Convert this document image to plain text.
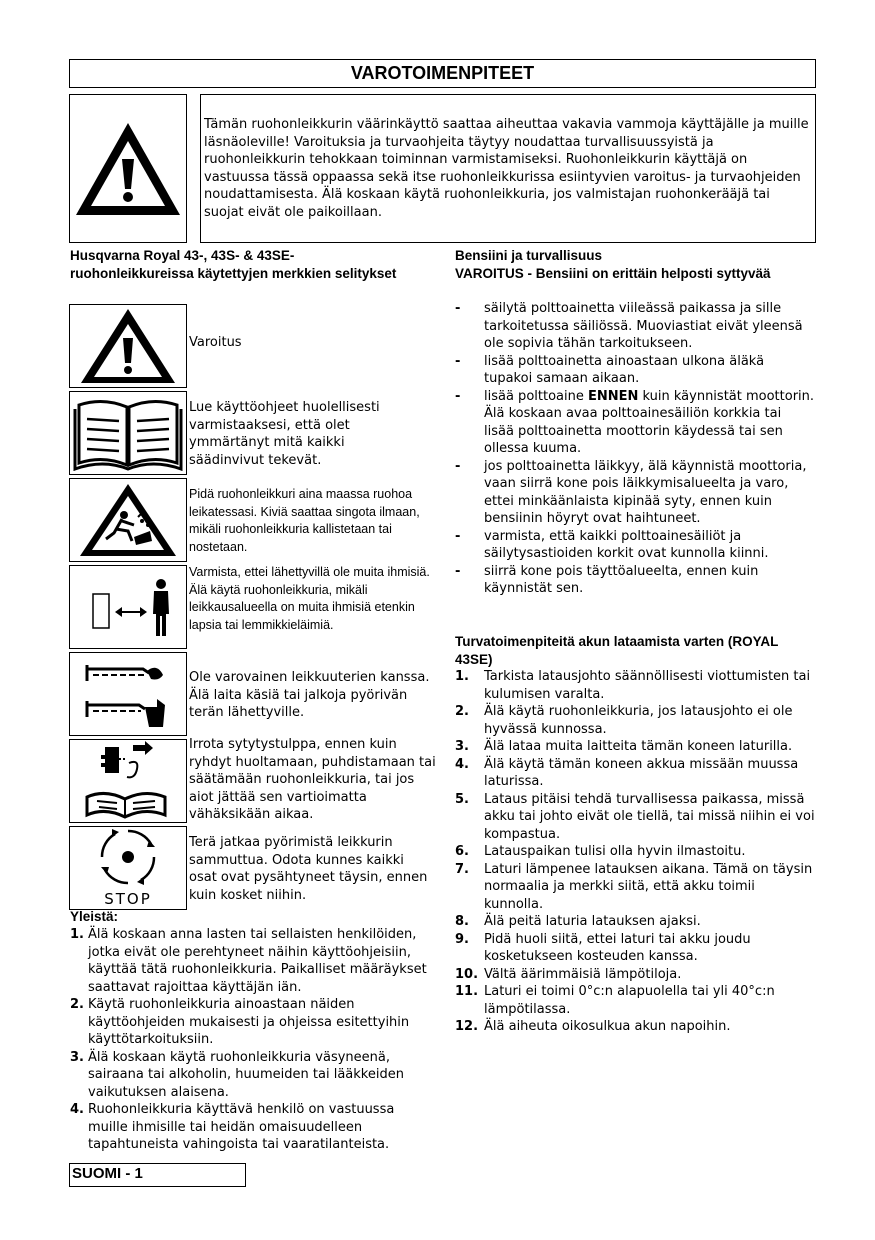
VAROTOIMENPITEET
Tämän ruohonleikkurin väärinkäyttö saattaa aiheuttaa vakavia vammoja käyttäjälle ja muille läsnäoleville! Varoituksia ja turvaohjeita täytyy noudattaa turvallisuussyistä ja ruohonleikkurin tehokkaan toiminnan varmistamiseksi. Ruohonleikkurin käyttäjä on vastuussa tässä oppaassa sekä itse ruohonleikkurissa esiintyvien varoitus- ja turvaohjeiden noudattamisesta. Älä koskaan käytä ruohonleikkuria, jos valmistajan ruohonkerääjä tai suojat eivät ole paikoillaan.
Husqvarna Royal 43-, 43S- & 43SE-ruohonleikkureissa käytettyjen merkkien selitykset
Varoitus
Lue käyttöohjeet huolellisesti varmistaaksesi, että olet ymmärtänyt mitä kaikki säädinvivut tekevät.
Pidä ruohonleikkuri aina maassa ruohoa leikatessasi. Kiviä saattaa singota ilmaan, mikäli ruohonleikkuria kallistetaan tai nostetaan.
Varmista, ettei lähettyvillä ole muita ihmisiä. Älä käytä ruohonleikkuria, mikäli leikkausalueella on muita ihmisiä etenkin lapsia tai lemmikkieläimiä.
Ole varovainen leikkuuterien kanssa. Älä laita käsiä tai jalkoja pyörivän terän lähettyville.
Irrota sytytystulppa, ennen kuin ryhdyt huoltamaan, puhdistamaan tai säätämään ruohonleikkuria, tai jos aiot jättää sen vartioimatta vähäksikään aikaa.
STOP
Terä jatkaa pyörimistä leikkurin sammuttua. Odota kunnes kaikki osat ovat pysähtyneet täysin, ennen kuin kosket niihin.
Yleistä:
1. Älä koskaan anna lasten tai sellaisten henkilöiden, jotka eivät ole perehtyneet näihin käyttöohjeisiin, käyttää tätä ruohonleikkuria. Paikalliset määräykset saattavat rajoittaa käyttäjän iän.
2. Käytä ruohonleikkuria ainoastaan näiden käyttöohjeiden mukaisesti ja ohjeissa esitettyihin käyttötarkoituksiin.
3. Älä koskaan käytä ruohonleikkuria väsyneenä, sairaana tai alkoholin, huumeiden tai lääkkeiden vaikutuksen alaisena.
4. Ruohonleikkuria käyttävä henkilö on vastuussa muille ihmisille tai heidän omaisuudelleen tapahtuneista vahingoista tai vaaratilanteista.
Bensiini ja turvallisuus
VAROITUS - Bensiini on erittäin helposti syttyvää
-	säilytä polttoainetta viileässä paikassa ja sille tarkoitetussa säiliössä. Muoviastiat eivät yleensä ole sopivia tähän tarkoitukseen.
-	lisää polttoainetta ainoastaan ulkona äläkä tupakoi samaan aikaan.
-	lisää polttoaine ENNEN kuin käynnistät moottorin. Älä koskaan avaa polttoainesäiliön korkkia tai lisää polttoainetta moottorin käydessä tai sen ollessa kuuma.
-	jos polttoainetta läikkyy, älä käynnistä moottoria, vaan siirrä kone pois läikkymisalueelta ja varo, ettei minkäänlaista kipinää syty, ennen kuin bensiinin höyryt ovat haihtuneet.
-	varmista, että kaikki polttoainesäiliöt ja säilytysastioiden korkit ovat kunnolla kiinni.
-	siirrä kone pois täyttöalueelta, ennen kuin käynnistät sen.
Turvatoimenpiteitä akun lataamista varten (ROYAL 43SE)
1.	Tarkista latausjohto säännöllisesti viottumisten tai kulumisen varalta.
2.	Älä käytä ruohonleikkuria, jos latausjohto ei ole hyvässä kunnossa.
3.	Älä lataa muita laitteita tämän koneen laturilla.
4.	Älä käytä tämän koneen akkua missään muussa laturissa.
5.	Lataus pitäisi tehdä turvallisessa paikassa, missä akku tai johto eivät ole tiellä, tai missä niihin ei voi kompastua.
6.	Latauspaikan tulisi olla hyvin ilmastoitu.
7.	Laturi lämpenee latauksen aikana. Tämä on täysin normaalia ja merkki siitä, että akku toimii kunnolla.
8.	Älä peitä laturia latauksen ajaksi.
9.	Pidä huoli siitä, ettei laturi tai akku joudu kosketukseen kosteuden kanssa.
10. Vältä äärimmäisiä lämpötiloja.
11. Laturi ei toimi 0°c:n alapuolella tai yli 40°c:n lämpötilassa.
12. Älä aiheuta oikosulkua akun napoihin.
SUOMI - 1
